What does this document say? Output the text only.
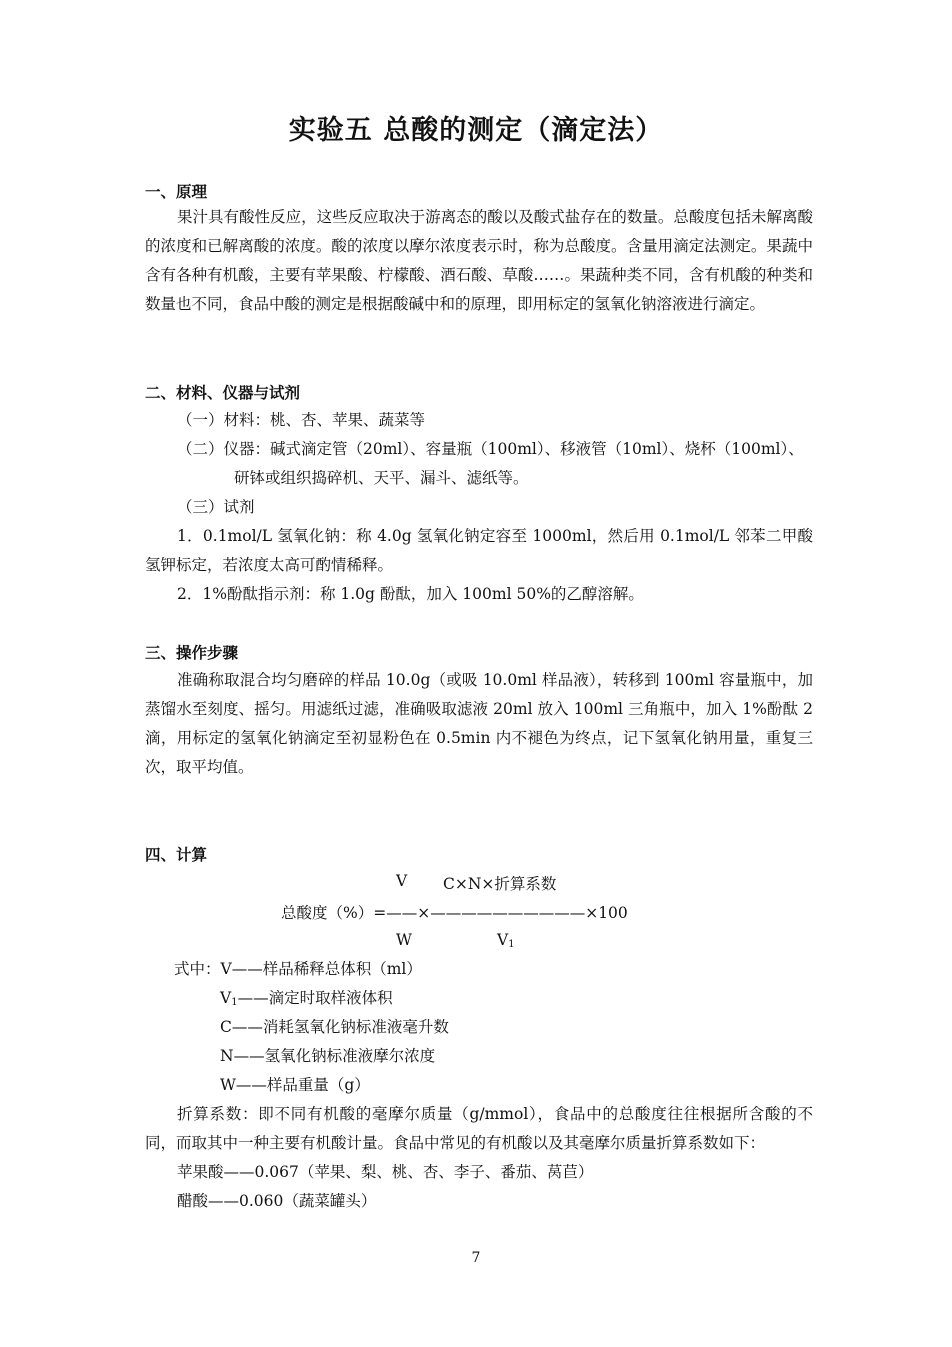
实验五 总酸的测定（滴定法）
一、原理

果汁具有酸性反应，这些反应取决于游离态的酸以及酸式盐存在的数量。总酸度包括未解离酸的浓度和已解离酸的浓度。酸的浓度以摩尔浓度表示时，称为总酸度。含量用滴定法测定。果蔬中含有各种有机酸，主要有苹果酸、柠檬酸、酒石酸、草酸……。果蔬种类不同，含有机酸的种类和数量也不同，食品中酸的测定是根据酸碱中和的原理，即用标定的氢氧化钠溶液进行滴定。

二、材料、仪器与试剂
（一）材料：桃、杏、苹果、蔬菜等
（二）仪器：碱式滴定管（20ml）、容量瓶（100ml）、移液管（10ml）、烧杯（100ml）、
研钵或组织捣碎机、天平、漏斗、滤纸等。
（三）试剂

1．0.1mol/L 氢氧化钠：称 4.0g 氢氧化钠定容至 1000ml，然后用 0.1mol/L 邻苯二甲酸氢钾标定，若浓度太高可酌情稀释。

2．1%酚酞指示剂：称 1.0g 酚酞，加入 100ml 50%的乙醇溶解。
三、操作步骤

准确称取混合均匀磨碎的样品 10.0g（或吸 10.0ml 样品液），转移到 100ml 容量瓶中，加蒸馏水至刻度、摇匀。用滤纸过滤，准确吸取滤液 20ml 放入 100ml 三角瓶中，加入 1%酚酞 2 滴，用标定的氢氧化钠滴定至初显粉色在 0.5min 内不褪色为终点，记下氢氧化钠用量，重复三次，取平均值。

四、计算
V C×N×折算系数
总酸度（%）=——×——————————×100
W	$V_1$
式中：V——样品稀释总体积（ml）
$V_1——$滴定时取样液体积
C——消耗氢氧化钠标准液毫升数
N——氢氧化钠标准液摩尔浓度
W——样品重量（g）

折算系数：即不同有机酸的毫摩尔质量（g/mmol），食品中的总酸度往往根据所含酸的不同，而取其中一种主要有机酸计量。食品中常见的有机酸以及其毫摩尔质量折算系数如下：

苹果酸——0.067（苹果、梨、桃、杏、李子、番茄、莴苣）
醋酸——0.060（蔬菜罐头）
7
